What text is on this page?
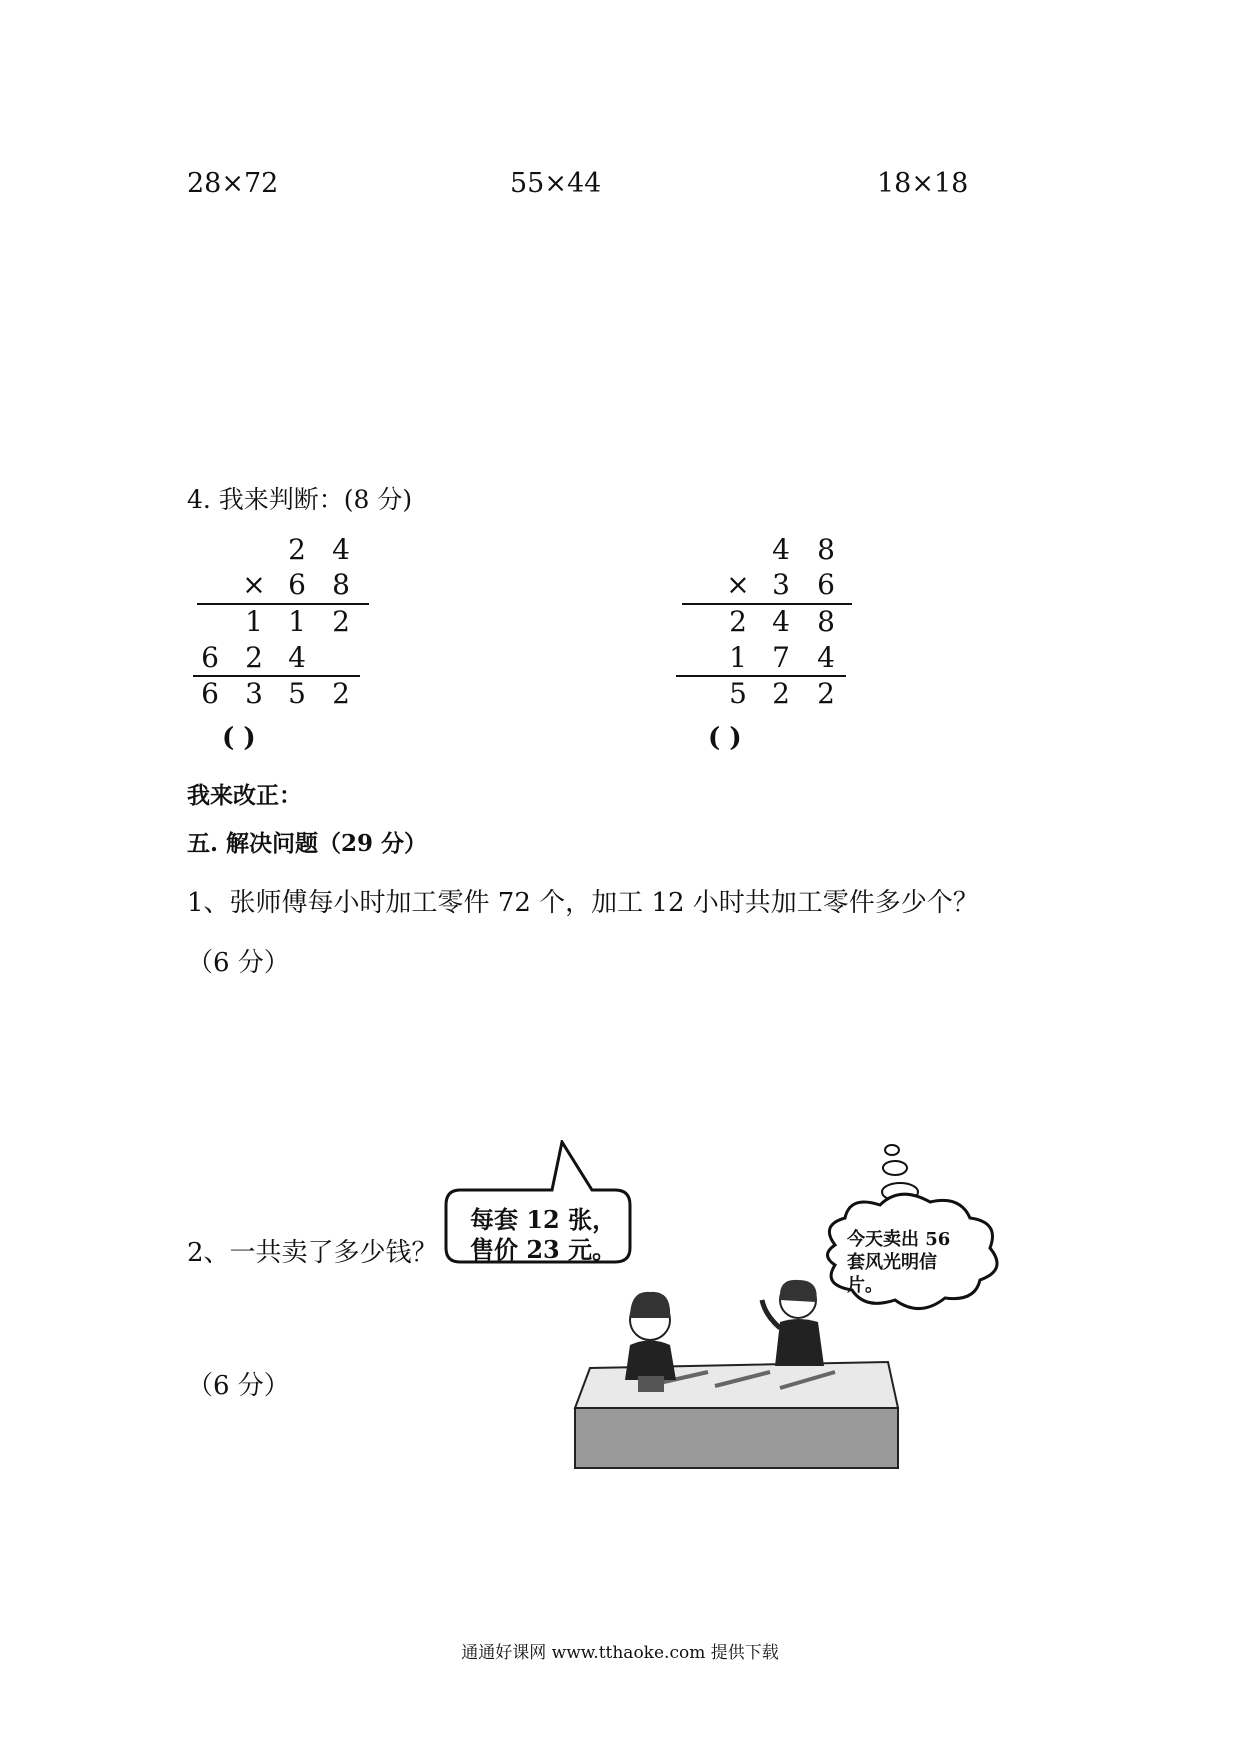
28×72	55×44	18×18
4. 我来判断：(8 分)
2 4
× 6 8
1 1 2
6 2 4
6 3 5 2
( )
4 8
× 3 6
2 4 8
1 7 4
5 2 2
( )
我来改正：
五. 解决问题（29 分）
1、张师傅每小时加工零件 72 个，加工 12 小时共加工零件多少个？
（6 分）
2、一共卖了多少钱？
（6 分）
每套 12 张，
售价 23 元。	今天卖出 56
套风光明信
片。
通通好课网 www.tthaoke.com 提供下载
